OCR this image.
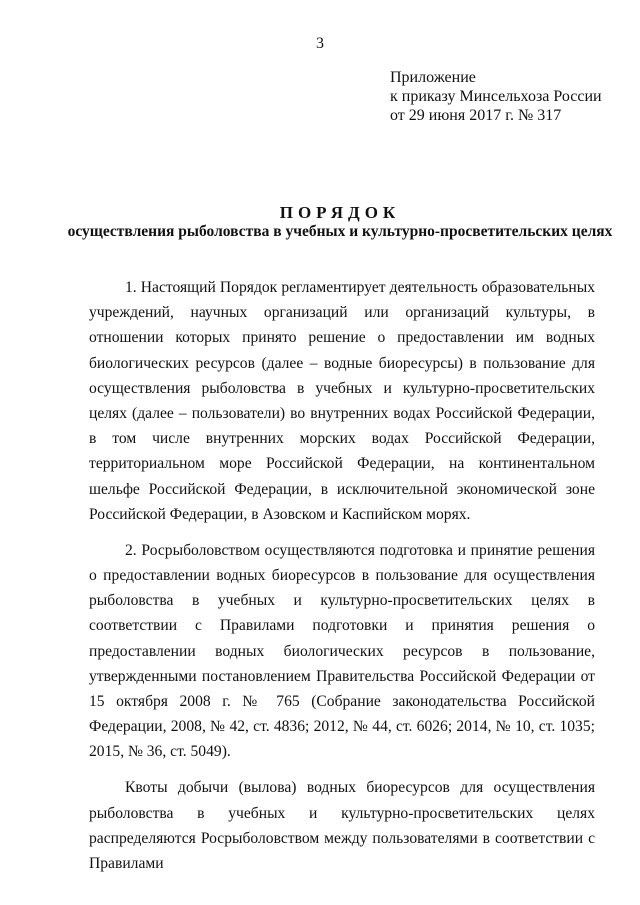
3
Приложение
к приказу Минсельхоза России
от 29 июня 2017 г. № 317
ПОРЯДОК
осуществления рыболовства в учебных и культурно-просветительских целях

1. Настоящий Порядок регламентирует деятельность образовательных учреждений, научных организаций или организаций культуры, в отношении которых принято решение о предоставлении им водных биологических ресурсов (далее – водные биоресурсы) в пользование для осуществления рыболовства в учебных и культурно-просветительских целях (далее – пользователи) во внутренних водах Российской Федерации, в том числе внутренних морских водах Российской Федерации, территориальном море Российской Федерации, на континентальном шельфе Российской Федерации, в исключительной экономической зоне Российской Федерации, в Азовском и Каспийском морях.

2. Росрыболовством осуществляются подготовка и принятие решения о предоставлении водных биоресурсов в пользование для осуществления рыболовства в учебных и культурно-просветительских целях в соответствии с Правилами подготовки и принятия решения о предоставлении водных биологических ресурсов в пользование, утвержденными постановлением Правительства Российской Федерации от 15 октября 2008 г. № 765 (Собрание законодательства Российской Федерации, 2008, № 42, ст. 4836; 2012, № 44, ст. 6026; 2014, № 10, ст. 1035; 2015, № 36, ст. 5049).

Квоты добычи (вылова) водных биоресурсов для осуществления рыболовства в учебных и культурно-просветительских целях распределяются Росрыболовством между пользователями в соответствии с Правилами
